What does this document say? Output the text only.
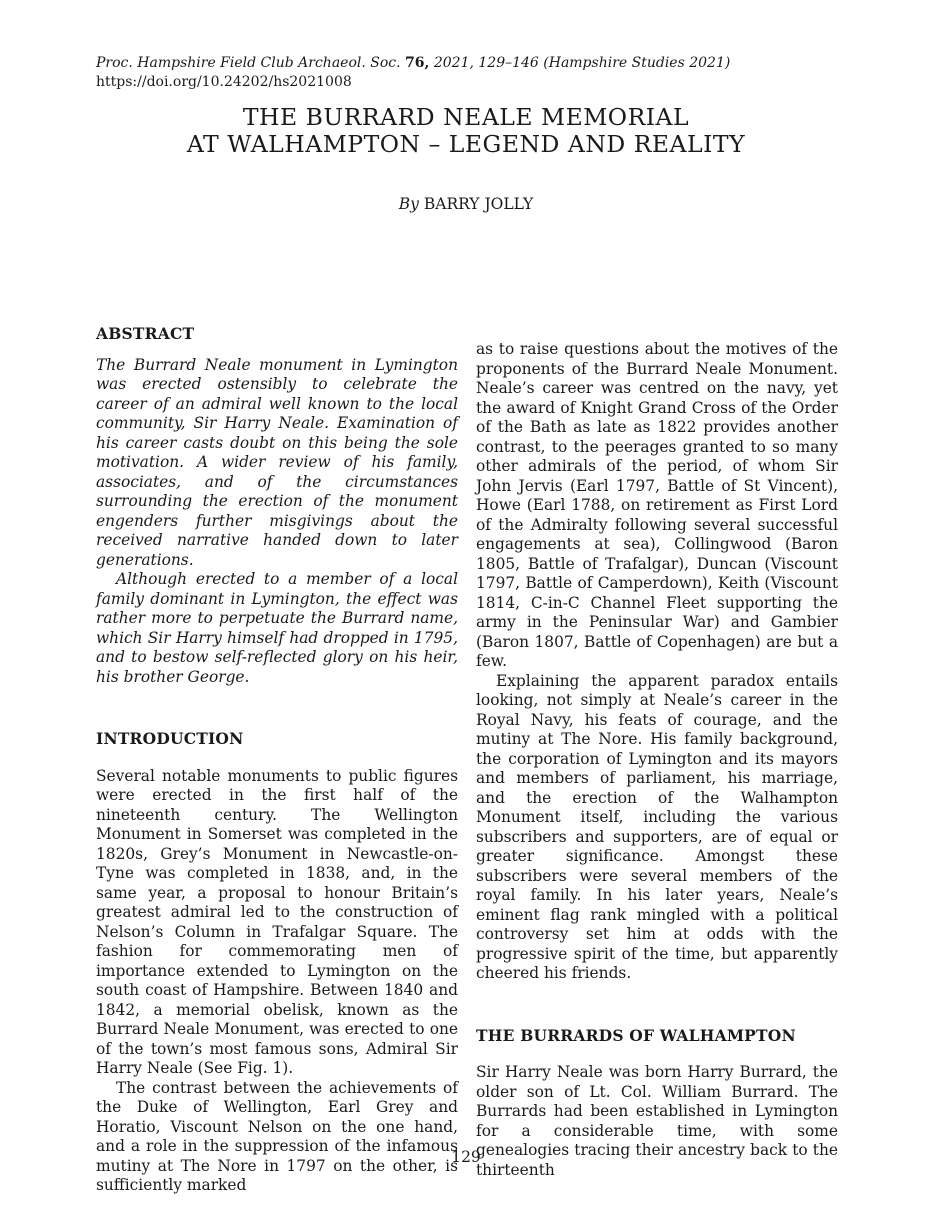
Proc. Hampshire Field Club Archaeol. Soc. 76, 2021, 129–146 (Hampshire Studies 2021)
https://doi.org/10.24202/hs2021008
THE BURRARD NEALE MEMORIAL
AT WALHAMPTON – LEGEND AND REALITY
By BARRY JOLLY
ABSTRACT

The Burrard Neale monument in Lymington was erected ostensibly to celebrate the career of an admiral well known to the local community, Sir Harry Neale. Examination of his career casts doubt on this being the sole motivation. A wider review of his family, associates, and of the circumstances surrounding the erection of the monument engenders further misgivings about the received narrative handed down to later generations.

Although erected to a member of a local family dominant in Lymington, the effect was rather more to perpetuate the Burrard name, which Sir Harry himself had dropped in 1795, and to bestow self-reflected glory on his heir, his brother George.

INTRODUCTION

Several notable monuments to public figures were erected in the first half of the nineteenth century. The Wellington Monument in Somerset was completed in the 1820s, Grey’s Monument in Newcastle-on-Tyne was completed in 1838, and, in the same year, a proposal to honour Britain’s greatest admiral led to the construction of Nelson’s Column in Trafalgar Square. The fashion for commemorating men of importance extended to Lymington on the south coast of Hampshire. Between 1840 and 1842, a memorial obelisk, known as the Burrard Neale Monument, was erected to one of the town’s most famous sons, Admiral Sir Harry Neale (See Fig. 1).

The contrast between the achievements of the Duke of Wellington, Earl Grey and Horatio, Viscount Nelson on the one hand, and a role in the suppression of the infamous mutiny at The Nore in 1797 on the other, is sufficiently marked

as to raise questions about the motives of the proponents of the Burrard Neale Monument. Neale’s career was centred on the navy, yet the award of Knight Grand Cross of the Order of the Bath as late as 1822 provides another contrast, to the peerages granted to so many other admirals of the period, of whom Sir John Jervis (Earl 1797, Battle of St Vincent), Howe (Earl 1788, on retirement as First Lord of the Admiralty following several successful engagements at sea), Collingwood (Baron 1805, Battle of Trafalgar), Duncan (Viscount 1797, Battle of Camperdown), Keith (Viscount 1814, C-in-C Channel Fleet supporting the army in the Peninsular War) and Gambier (Baron 1807, Battle of Copenhagen) are but a few.

Explaining the apparent paradox entails looking, not simply at Neale’s career in the Royal Navy, his feats of courage, and the mutiny at The Nore. His family background, the corporation of Lymington and its mayors and members of parliament, his marriage, and the erection of the Walhampton Monument itself, including the various subscribers and supporters, are of equal or greater significance. Amongst these subscribers were several members of the royal family. In his later years, Neale’s eminent flag rank mingled with a political controversy set him at odds with the progressive spirit of the time, but apparently cheered his friends.

THE BURRARDS OF WALHAMPTON

Sir Harry Neale was born Harry Burrard, the older son of Lt. Col. William Burrard. The Burrards had been established in Lymington for a considerable time, with some genealogies tracing their ancestry back to the thirteenth

129
